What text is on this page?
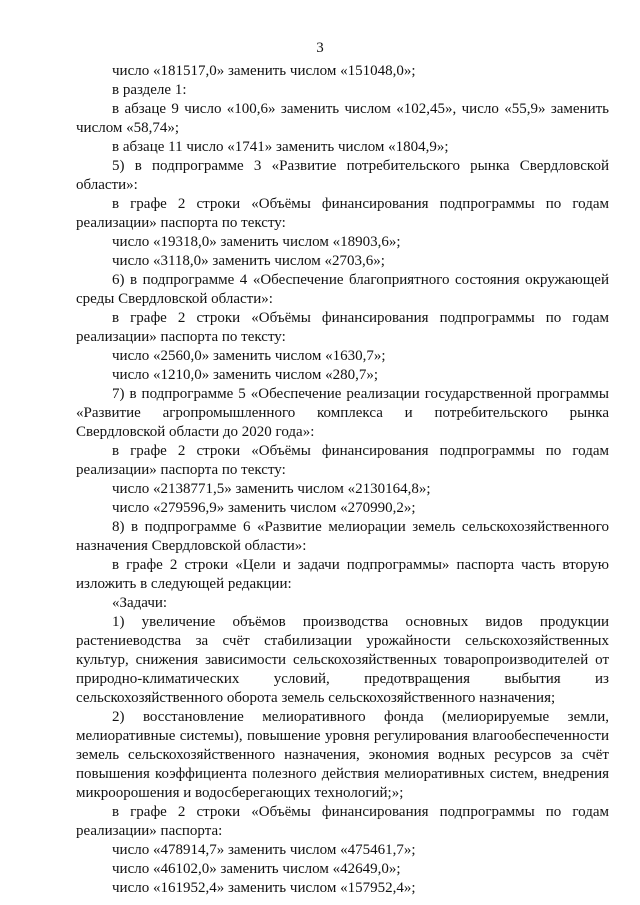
3

число «181517,0» заменить числом «151048,0»;

в разделе 1:

в абзаце 9 число «100,6» заменить числом «102,45», число «55,9» заменить числом «58,74»;

в абзаце 11 число «1741» заменить числом «1804,9»;

5) в подпрограмме 3 «Развитие потребительского рынка Свердловской области»:

в графе 2 строки «Объёмы финансирования подпрограммы по годам реализации» паспорта по тексту:

число «19318,0» заменить числом «18903,6»;

число «3118,0» заменить числом «2703,6»;

6) в подпрограмме 4 «Обеспечение благоприятного состояния окружающей среды Свердловской области»:

в графе 2 строки «Объёмы финансирования подпрограммы по годам реализации» паспорта по тексту:

число «2560,0» заменить числом «1630,7»;

число «1210,0» заменить числом «280,7»;

7) в подпрограмме 5 «Обеспечение реализации государственной программы «Развитие агропромышленного комплекса и потребительского рынка Свердловской области до 2020 года»:

в графе 2 строки «Объёмы финансирования подпрограммы по годам реализации» паспорта по тексту:

число «2138771,5» заменить числом «2130164,8»;

число «279596,9» заменить числом «270990,2»;

8) в подпрограмме 6 «Развитие мелиорации земель сельскохозяйственного назначения Свердловской области»:

в графе 2 строки «Цели и задачи подпрограммы» паспорта часть вторую изложить в следующей редакции:

«Задачи:

1) увеличение объёмов производства основных видов продукции растениеводства за счёт стабилизации урожайности сельскохозяйственных культур, снижения зависимости сельскохозяйственных товаропроизводителей от природно-климатических условий, предотвращения выбытия из сельскохозяйственного оборота земель сельскохозяйственного назначения;

2) восстановление мелиоративного фонда (мелиорируемые земли, мелиоративные системы), повышение уровня регулирования влагообеспеченности земель сельскохозяйственного назначения, экономия водных ресурсов за счёт повышения коэффициента полезного действия мелиоративных систем, внедрения микроорошения и водосберегающих технологий;»;

в графе 2 строки «Объёмы финансирования подпрограммы по годам реализации» паспорта:

число «478914,7» заменить числом «475461,7»;

число «46102,0» заменить числом «42649,0»;

число «161952,4» заменить числом «157952,4»;
